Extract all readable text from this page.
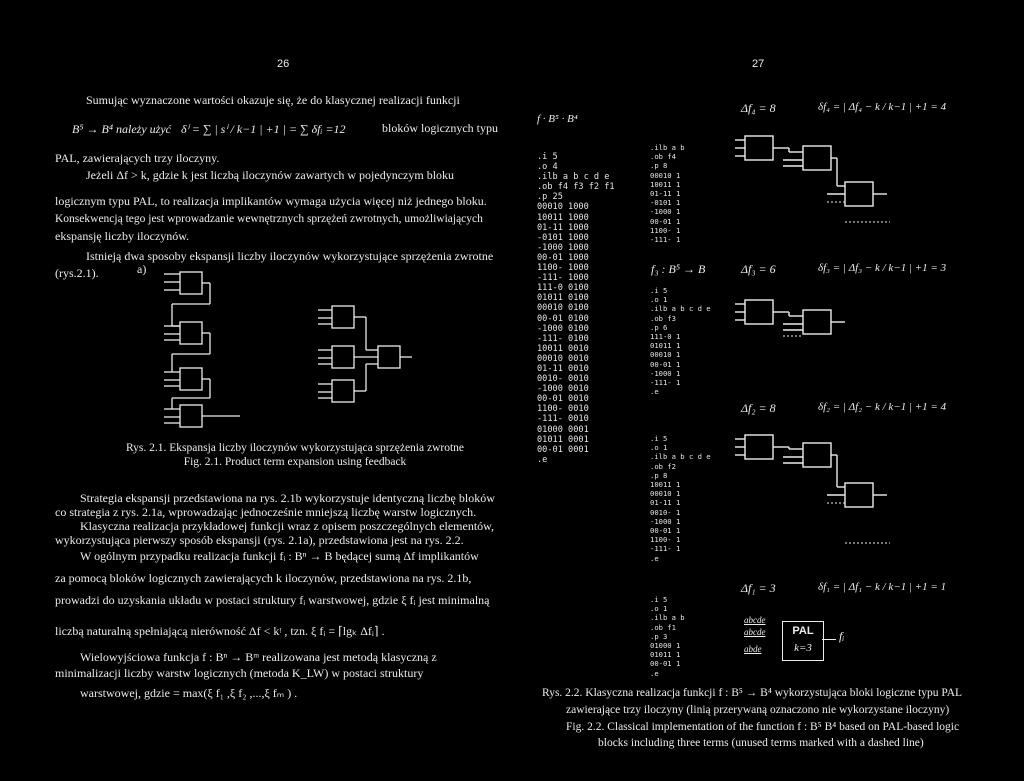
26
Sumując wyznaczone wartości okazuje się, że do klasycznej realizacji funkcji
B⁵ → B⁴ należy użyć δⁱ = ∑ | sⁱ / k−1 | +1 | = ∑ δfᵢ =12	bloków logicznych typu
PAL, zawierających trzy iloczyny.
Jeżeli Δf > k, gdzie k jest liczbą iloczynów zawartych w pojedynczym bloku
logicznym typu PAL, to realizacja implikantów wymaga użycia więcej niż jednego bloku.
Konsekwencją tego jest wprowadzanie wewnętrznych sprzężeń zwrotnych, umożliwiających
ekspansję liczby iloczynów.
Istnieją dwa sposoby ekspansji liczby iloczynów wykorzystujące sprzężenia zwrotne
(rys.2.1).	a)
Rys. 2.1. Ekspansja liczby iloczynów wykorzystująca sprzężenia zwrotne
Fig. 2.1. Product term expansion using feedback
Strategia ekspansji przedstawiona na rys. 2.1b wykorzystuje identyczną liczbę bloków
co strategia z rys. 2.1a, wprowadzając jednocześnie mniejszą liczbę warstw logicznych.
Klasyczna realizacja przykładowej funkcji wraz z opisem poszczególnych elementów,
wykorzystująca pierwszy sposób ekspansji (rys. 2.1a), przedstawiona jest na rys. 2.2.
W ogólnym przypadku realizacja funkcji fᵢ : Bⁿ → B będącej sumą Δf implikantów
za pomocą bloków logicznych zawierających k iloczynów, przedstawiona na rys. 2.1b,
prowadzi do uzyskania układu w postaci struktury fᵢ warstwowej, gdzie ξ fᵢ jest minimalną
liczbą naturalną spełniającą nierówność Δf < kᵎ , tzn. ξ fᵢ = ⌈lgₖ Δfᵢ⌉ .
Wielowyjściowa funkcja f : Bⁿ → Bᵐ realizowana jest metodą klasyczną z
minimalizacji liczby warstw logicznych (metoda K_LW) w postaci struktury
warstwowej, gdzie = max(ξ f₁ ,ξ f₂ ,...,ξ fₘ ) .
27
f · B⁵ · B⁴
.i 5
.o 4
.ilb a b c d e
.ob f4 f3 f2 f1
.p 25
00010 1000
10011 1000
01-11 1000
-0101 1000
-1000 1000
00-01 1000
1100- 1000
-111- 1000
111-0 0100
01011 0100
00010 0100
00-01 0100
-1000 0100
-111- 0100
10011 0010
00010 0010
01-11 0010
0010- 0010
-1000 0010
00-01 0010
1100- 0010
-111- 0010
01000 0001
01011 0001
00-01 0001
.e
.ilb a b
.ob f4
.p 8
00010 1
10011 1
01-11 1
-0101 1
-1000 1
00-01 1
1100- 1
-111- 1
.i 5
.o 1
.ilb a b c d e
.ob f3
.p 6
111-0 1
01011 1
00010 1
00-01 1
-1000 1
-111- 1
.e
.i 5
.o 1
.ilb a b c d e
.ob f2
.p 8
10011 1
00010 1
01-11 1
0010- 1
-1000 1
00-01 1
1100- 1
-111- 1
.e
.i 5
.o 1
.ilb a b
.ob f1
.p 3
01000 1
01011 1
00-01 1
.e
Δf₄ = 8	δf₄ = | Δf₄ − k / k−1 | +1 = 4
f₃ : B⁵ → B	Δf₃ = 6	δf₃ = | Δf₃ − k / k−1 | +1 = 3
Δf₂ = 8	δf₂ = | Δf₂ − k / k−1 | +1 = 4
Δf₁ = 3	δf₁ = | Δf₁ − k / k−1 | +1 = 1
abcde
abcde
abde
PAL
k=3
fᵢ
Rys. 2.2. Klasyczna realizacja funkcji f : B⁵ → B⁴ wykorzystująca bloki logiczne typu PAL
zawierające trzy iloczyny (linią przerywaną oznaczono nie wykorzystane iloczyny)
Fig. 2.2. Classical implementation of the function f : B⁵ B⁴ based on PAL-based logic
blocks including three terms (unused terms marked with a dashed line)
